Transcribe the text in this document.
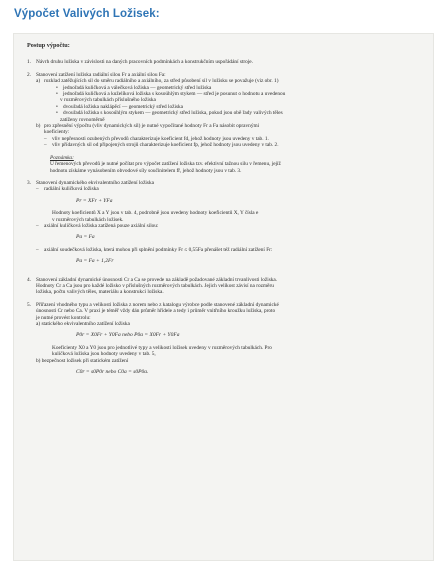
Výpočet Valivých Ložisek:
Postup výpočtu:
1. Návrh druhu ložiska v závislosti na daných pracovních podmínkách a konstrukčním uspořádání stroje.
2. Stanovení zatížení ložiska radiální silou Fr a axiální silou Fa:
a) rozklad zatěžujících sil do směru radiálního a axiálního, za střed působení sil v ložisku se považuje (viz obr. 1)
• jednořadá kuličková a válečková ložiska — geometrický střed ložiska
• jednořadá kuličková a kuželíková ložiska s kosoúhlým stykem — střed je posunut o hodnotu a uvedenou
v rozměrových tabulkách příslušného ložiska
• dvouřadá ložiska naklápěcí — geometrický střed ložiska
• dvouřadá ložiska s kosoúhlým stykem — geometrický střed ložiska, pokud jsou obě řady valivých těles
zatíženy rovnoměrně
b) pro zpřesnění výpočtu (vliv dynamických sil) je nutné vypočítané hodnoty Fr a Fa násobit opravnými
koeficienty:
–	vliv nepřesnosti ozubených převodů charakterizuje koeficient fd, jehož hodnoty jsou uvedeny v tab. 1.
–	vliv přídavných sil od připojených strojů charakterizuje koeficient fp, jehož hodnoty jsou uvedeny v tab. 2.
Poznámka:
U řemenových převodů je nutné počítat pro výpočet zatížení ložiska tzv. efektivní tažnou silu v řemenu, jejíž
hodnotu získáme vynásobením obvodové síly součinitelem fř, jehož hodnoty jsou v tab. 3.
3. Stanovení dynamického ekvivalentního zatížení ložiska
–	radiální kuličková ložiska
Pr = XFr + YFa
Hodnoty koeficientů X a Y jsou v tab. 4, podrobně jsou uvedeny hodnoty koeficientů X, Y čísla e
v rozměrových tabulkách ložisek.
–	axiální kuličková ložiska zatížená pouze axiální silou:
Pa = Fa
–	axiální soudečková ložiska, která mohou při splnění podmínky Fr ≤ 0,55Fa přenášet též radiální zatížení Fr:
Pa = Fa + 1,2Fr
4. Stanovení základní dynamické únosnosti Cr a Ca se provede na základě požadované základní trvanlivosti ložiska.
Hodnoty Cr a Ca jsou pro každé ložisko v příslušných rozměrových tabulkách. Jejich velikost závisí na rozměru
ložiska, počtu valivých těles, materiálu a konstrukci ložiska.
5. Přiřazení vhodného typu a velikosti ložiska z norem nebo z katalogu výrobce podle stanovené základní dynamické
únosnosti Cr nebo Ca. V praxi je téměř vždy dán průměr hřídele a tedy i průměr vnitřního kroužku ložiska, proto
je nutné provést kontrolu:
a) statického ekvivalentního zatížení ložiska
P0r = X0Fr + Y0Fa nebo P0a = X0Fr + Y0Fa
Koeficienty X0 a Y0 jsou pro jednotlivé typy a velikosti ložisek uvedeny v rozměrových tabulkách. Pro
kuličková ložiska jsou hodnoty uvedeny v tab. 5,
b) bezpečnost ložisek při statickém zatížení
C0r = s0P0r nebo C0a = s0P0a.
